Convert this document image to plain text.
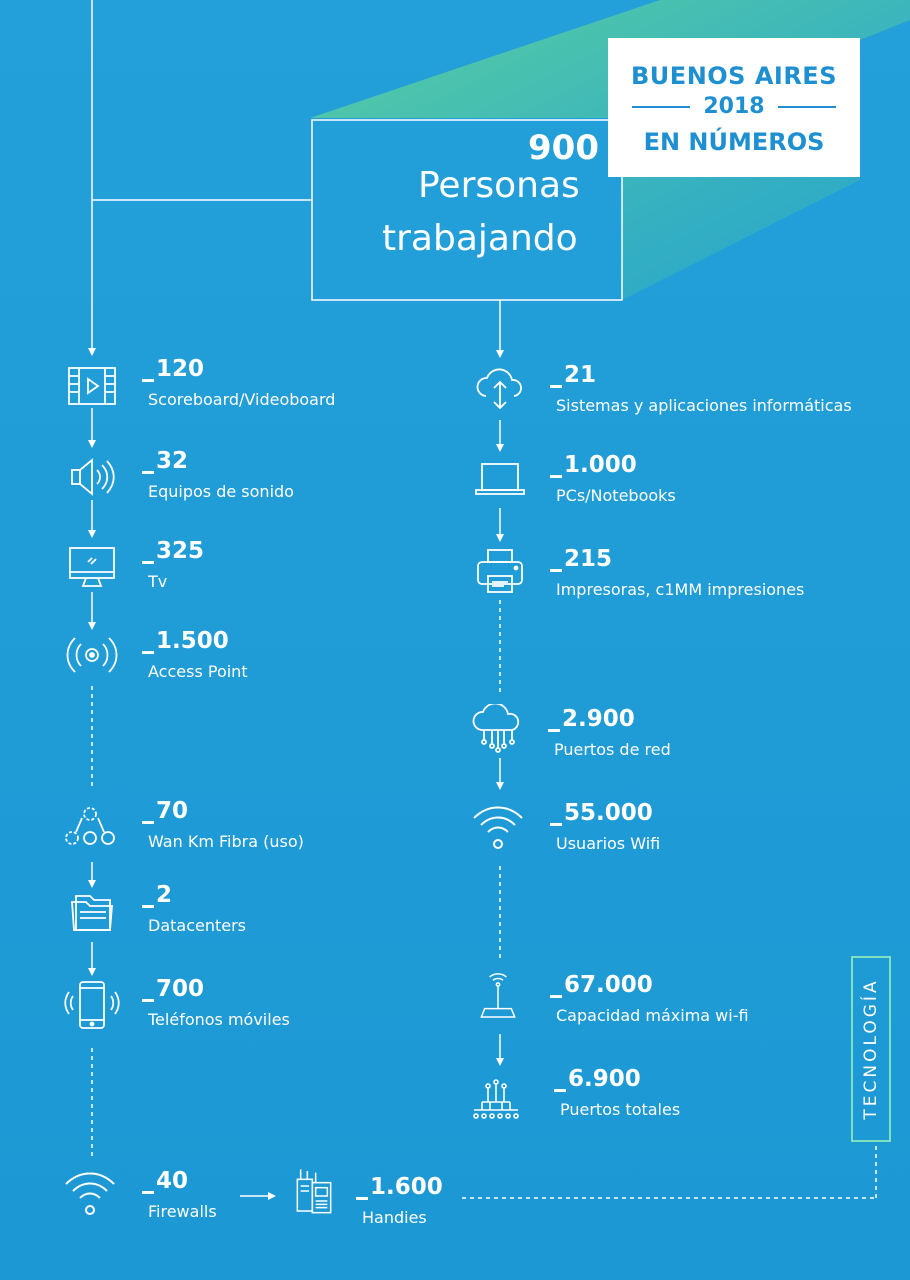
BUENOS AIRES
2018
EN NÚMEROS
900
Personas
trabajando
120
Scoreboard/Videoboard
32
Equipos de sonido
325
Tv
1.500
Access Point
70
Wan Km Fibra (uso)
2
Datacenters
700
Teléfonos móviles
40
Firewalls
1.600
Handies
21
Sistemas y aplicaciones informáticas
1.000
PCs/Notebooks
215
Impresoras, c1MM impresiones
2.900
Puertos de red
55.000
Usuarios Wifi
67.000
Capacidad máxima wi-fi
6.900
Puertos totales	TECNOLOGÍA
